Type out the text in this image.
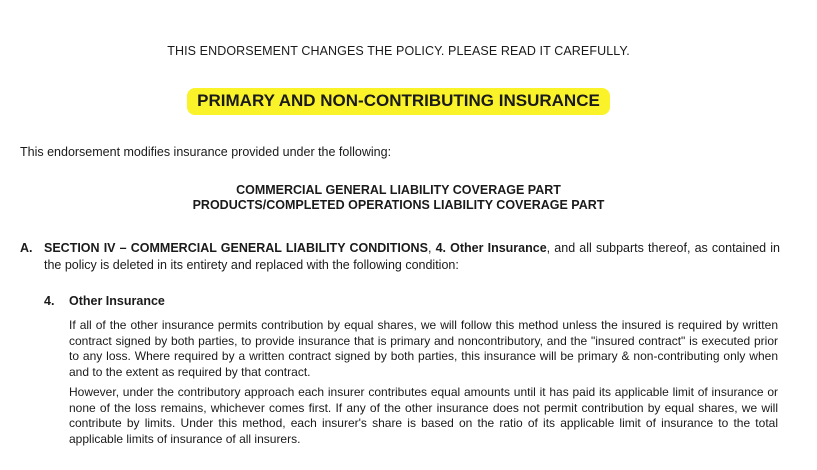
THIS ENDORSEMENT CHANGES THE POLICY. PLEASE READ IT CAREFULLY.
PRIMARY AND NON-CONTRIBUTING INSURANCE
This endorsement modifies insurance provided under the following:
COMMERCIAL GENERAL LIABILITY COVERAGE PART
PRODUCTS/COMPLETED OPERATIONS LIABILITY COVERAGE PART
A. SECTION IV – COMMERCIAL GENERAL LIABILITY CONDITIONS, 4. Other Insurance, and all subparts thereof, as contained in the policy is deleted in its entirety and replaced with the following condition:
4. Other Insurance
If all of the other insurance permits contribution by equal shares, we will follow this method unless the insured is required by written contract signed by both parties, to provide insurance that is primary and noncontributory, and the "insured contract" is executed prior to any loss. Where required by a written contract signed by both parties, this insurance will be primary & non-contributing only when and to the extent as required by that contract.
However, under the contributory approach each insurer contributes equal amounts until it has paid its applicable limit of insurance or none of the loss remains, whichever comes first. If any of the other insurance does not permit contribution by equal shares, we will contribute by limits. Under this method, each insurer's share is based on the ratio of its applicable limit of insurance to the total applicable limits of insurance of all insurers.
